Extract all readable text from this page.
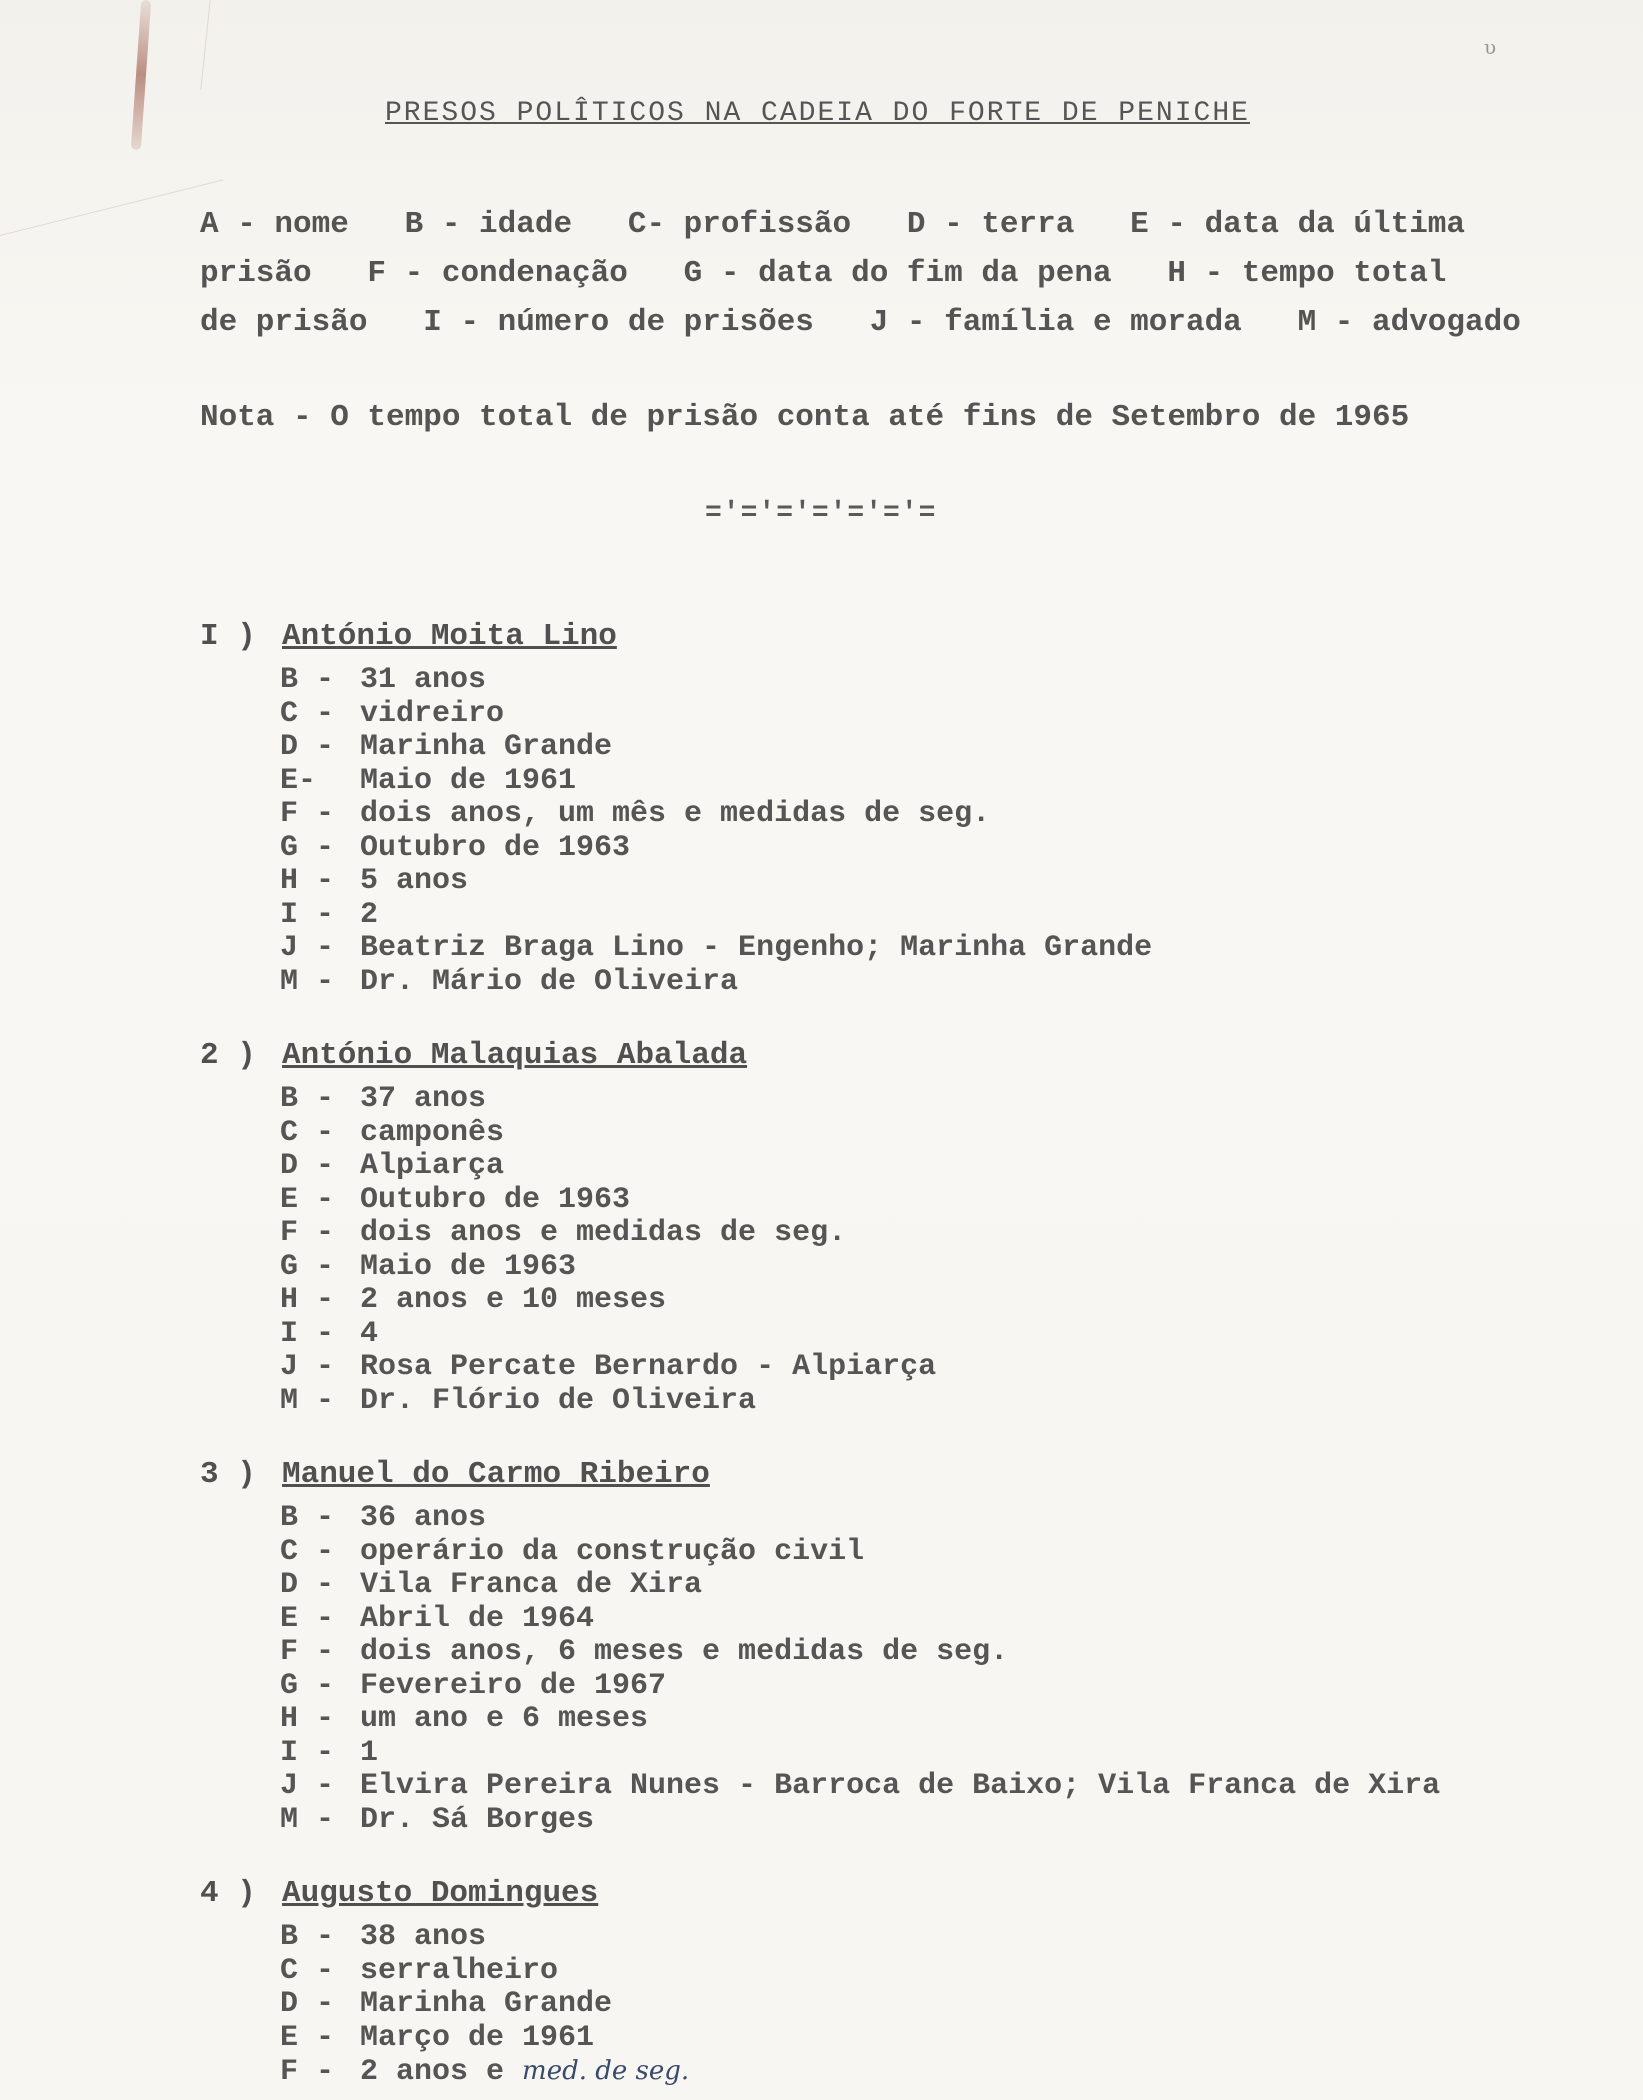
υ
PRESOS POLÎTICOS NA CADEIA DO FORTE DE PENICHE
A - nome   B - idade   C- profissão   D - terra   E - data da última
prisão   F - condenação   G - data do fim da pena   H - tempo total
de prisão   I - número de prisões   J - família e morada   M - advogado
Nota - O tempo total de prisão conta até fins de Setembro de 1965
='='='='='='=
I ) António Moita Lino
B - 31 anos
C - vidreiro
D - Marinha Grande
E- Maio de 1961
F - dois anos, um mês e medidas de seg.
G - Outubro de 1963
H - 5 anos
I - 2
J - Beatriz Braga Lino - Engenho; Marinha Grande
M - Dr. Mário de Oliveira
2 ) António Malaquias Abalada
B - 37 anos
C - camponês
D - Alpiarça
E - Outubro de 1963
F - dois anos e medidas de seg.
G - Maio de 1963
H - 2 anos e 10 meses
I - 4
J - Rosa Percate Bernardo - Alpiarça
M - Dr. Flório de Oliveira
3 ) Manuel do Carmo Ribeiro
B - 36 anos
C - operário da construção civil
D - Vila Franca de Xira
E - Abril de 1964
F - dois anos, 6 meses e medidas de seg.
G - Fevereiro de 1967
H - um ano e 6 meses
I - 1
J - Elvira Pereira Nunes - Barroca de Baixo; Vila Franca de Xira
M - Dr. Sá Borges
4 ) Augusto Domingues
B - 38 anos
C - serralheiro
D - Marinha Grande
E - Março de 1961
F - 2 anos e med. de seg.
